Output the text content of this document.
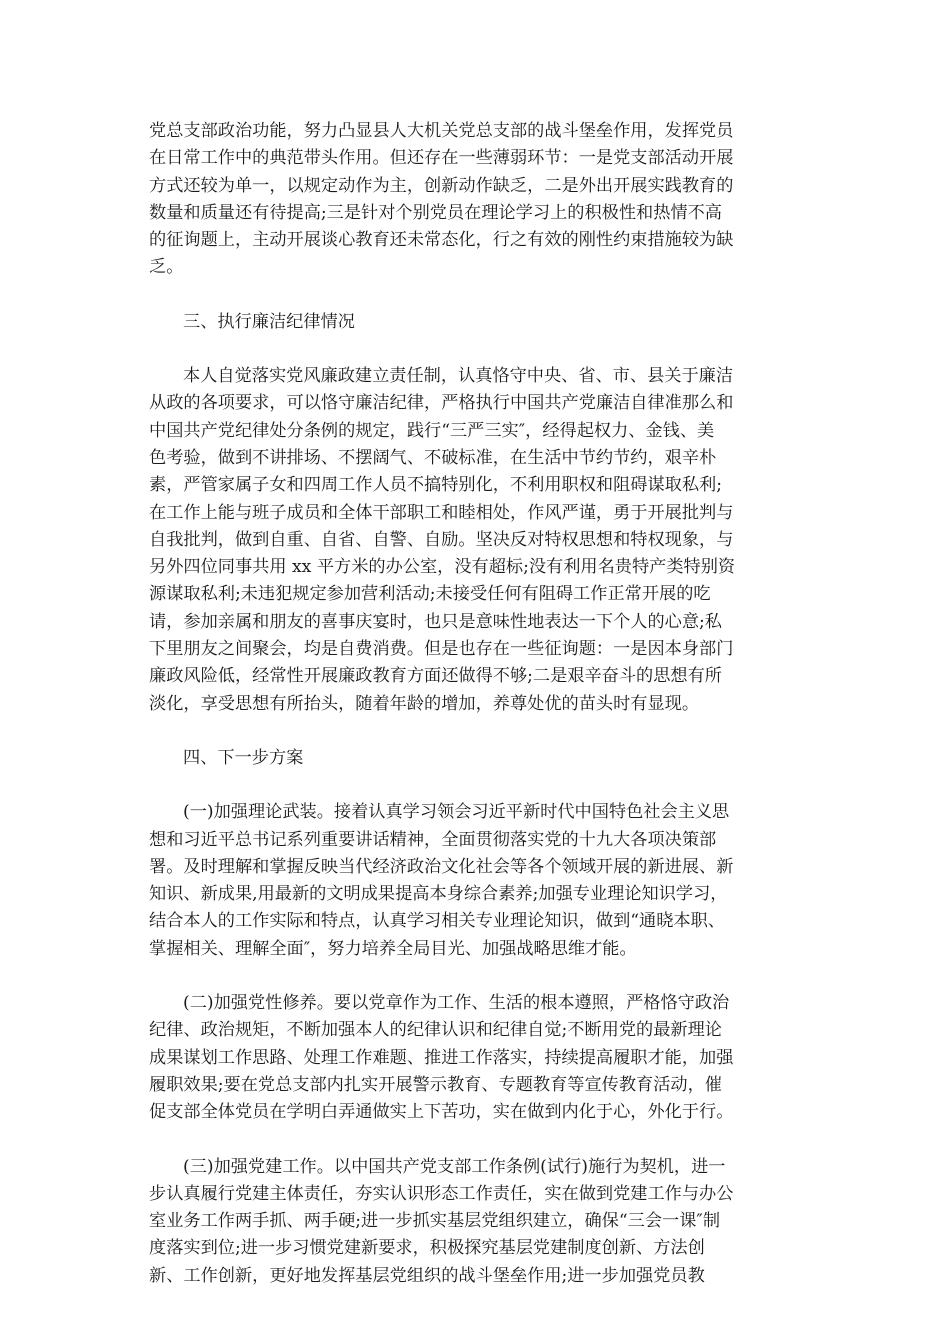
党总支部政治功能，努力凸显县人大机关党总支部的战斗堡垒作用，发挥党员
在日常工作中的典范带头作用。但还存在一些薄弱环节：一是党支部活动开展
方式还较为单一，以规定动作为主，创新动作缺乏，二是外出开展实践教育的
数量和质量还有待提高;三是针对个别党员在理论学习上的积极性和热情不高
的征询题上，主动开展谈心教育还未常态化，行之有效的刚性约束措施较为缺
乏。
三、执行廉洁纪律情况
本人自觉落实党风廉政建立责任制，认真恪守中央、省、市、县关于廉洁
从政的各项要求，可以恪守廉洁纪律，严格执行中国共产党廉洁自律准那么和
中国共产党纪律处分条例的规定，践行“三严三实″，经得起权力、金钱、美
色考验，做到不讲排场、不摆阔气、不破标准，在生活中节约节约，艰辛朴
素，严管家属子女和四周工作人员不搞特别化，不利用职权和阻碍谋取私利;
在工作上能与班子成员和全体干部职工和睦相处，作风严谨，勇于开展批判与
自我批判，做到自重、自省、自警、自励。坚决反对特权思想和特权现象，与
另外四位同事共用 xx 平方米的办公室，没有超标;没有利用名贵特产类特别资
源谋取私利;未违犯规定参加营利活动;未接受任何有阻碍工作正常开展的吃
请，参加亲属和朋友的喜事庆宴时，也只是意味性地表达一下个人的心意;私
下里朋友之间聚会，均是自费消费。但是也存在一些征询题：一是因本身部门
廉政风险低，经常性开展廉政教育方面还做得不够;二是艰辛奋斗的思想有所
淡化，享受思想有所抬头，随着年龄的增加，养尊处优的苗头时有显现。
四、下一步方案
(一)加强理论武装。接着认真学习领会习近平新时代中国特色社会主义思
想和习近平总书记系列重要讲话精神，全面贯彻落实党的十九大各项决策部
署。及时理解和掌握反映当代经济政治文化社会等各个领域开展的新进展、新
知识、新成果,用最新的文明成果提高本身综合素养;加强专业理论知识学习，
结合本人的工作实际和特点，认真学习相关专业理论知识，做到“通晓本职、
掌握相关、理解全面″，努力培养全局目光、加强战略思维才能。
(二)加强党性修养。要以党章作为工作、生活的根本遵照，严格恪守政治
纪律、政治规矩，不断加强本人的纪律认识和纪律自觉;不断用党的最新理论
成果谋划工作思路、处理工作难题、推进工作落实，持续提高履职才能，加强
履职效果;要在党总支部内扎实开展警示教育、专题教育等宣传教育活动，催
促支部全体党员在学明白弄通做实上下苦功，实在做到内化于心，外化于行。
(三)加强党建工作。以中国共产党支部工作条例(试行)施行为契机，进一
步认真履行党建主体责任，夯实认识形态工作责任，实在做到党建工作与办公
室业务工作两手抓、两手硬;进一步抓实基层党组织建立，确保“三会一课″制
度落实到位;进一步习惯党建新要求，积极探究基层党建制度创新、方法创
新、工作创新，更好地发挥基层党组织的战斗堡垒作用;进一步加强党员教
